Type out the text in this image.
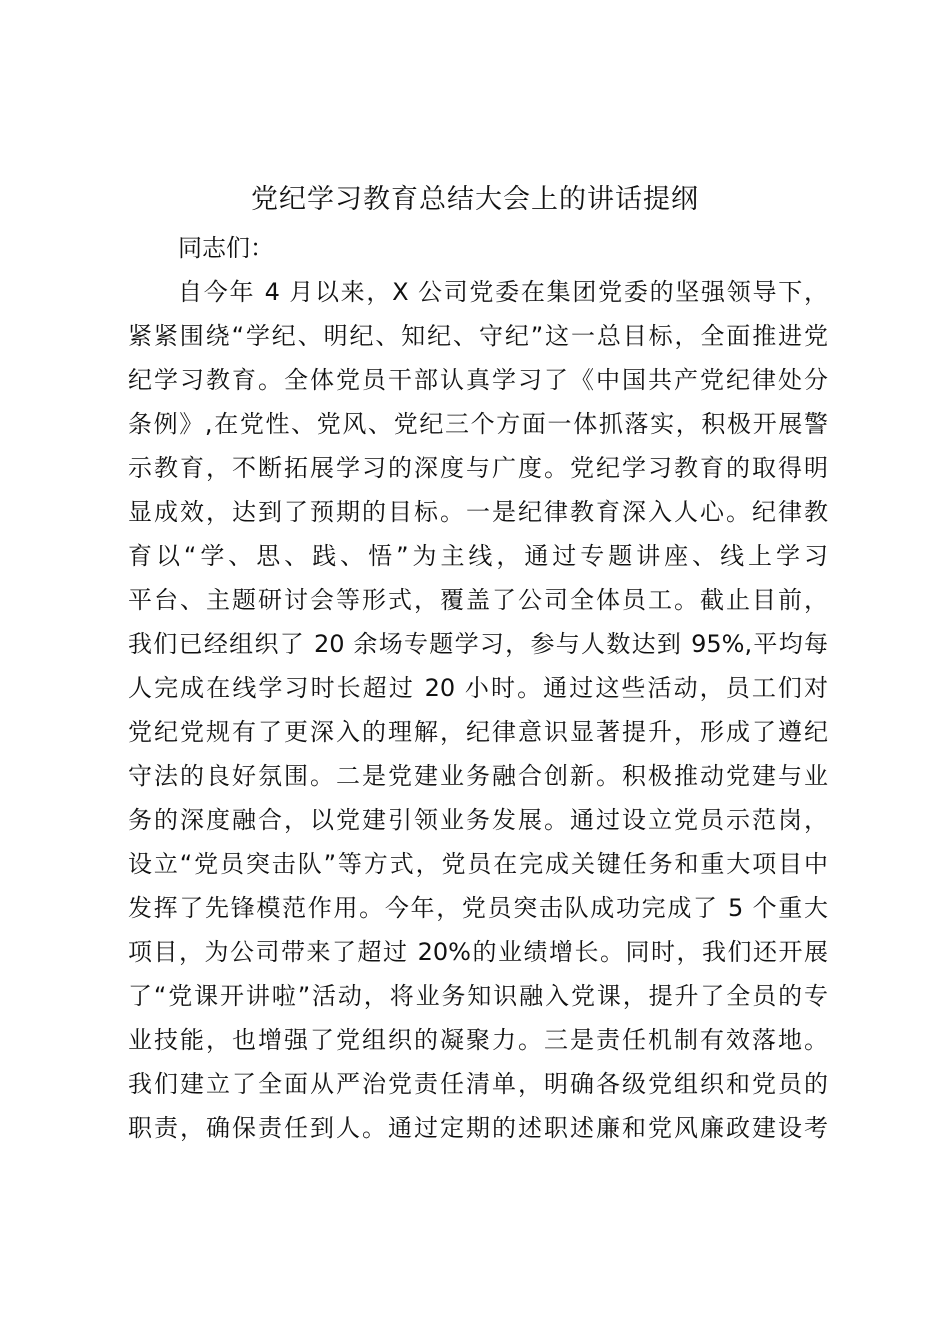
党纪学习教育总结大会上的讲话提纲
同志们：
自今年 4 月以来，X 公司党委在集团党委的坚强领导下，
紧紧围绕“学纪、明纪、知纪、守纪”这一总目标，全面推进党
纪学习教育。全体党员干部认真学习了《中国共产党纪律处分
条例》,在党性、党风、党纪三个方面一体抓落实，积极开展警
示教育，不断拓展学习的深度与广度。党纪学习教育的取得明
显成效，达到了预期的目标。一是纪律教育深入人心。纪律教
育以“学、思、践、悟”为主线，通过专题讲座、线上学习
平台、主题研讨会等形式，覆盖了公司全体员工。截止目前，
我们已经组织了 20 余场专题学习，参与人数达到 95%,平均每
人完成在线学习时长超过 20 小时。通过这些活动，员工们对
党纪党规有了更深入的理解，纪律意识显著提升，形成了遵纪
守法的良好氛围。二是党建业务融合创新。积极推动党建与业
务的深度融合，以党建引领业务发展。通过设立党员示范岗，
设立“党员突击队”等方式，党员在完成关键任务和重大项目中
发挥了先锋模范作用。今年，党员突击队成功完成了 5 个重大
项目，为公司带来了超过 20%的业绩增长。同时，我们还开展
了“党课开讲啦”活动，将业务知识融入党课，提升了全员的专
业技能，也增强了党组织的凝聚力。三是责任机制有效落地。
我们建立了全面从严治党责任清单，明确各级党组织和党员的
职责，确保责任到人。通过定期的述职述廉和党风廉政建设考
